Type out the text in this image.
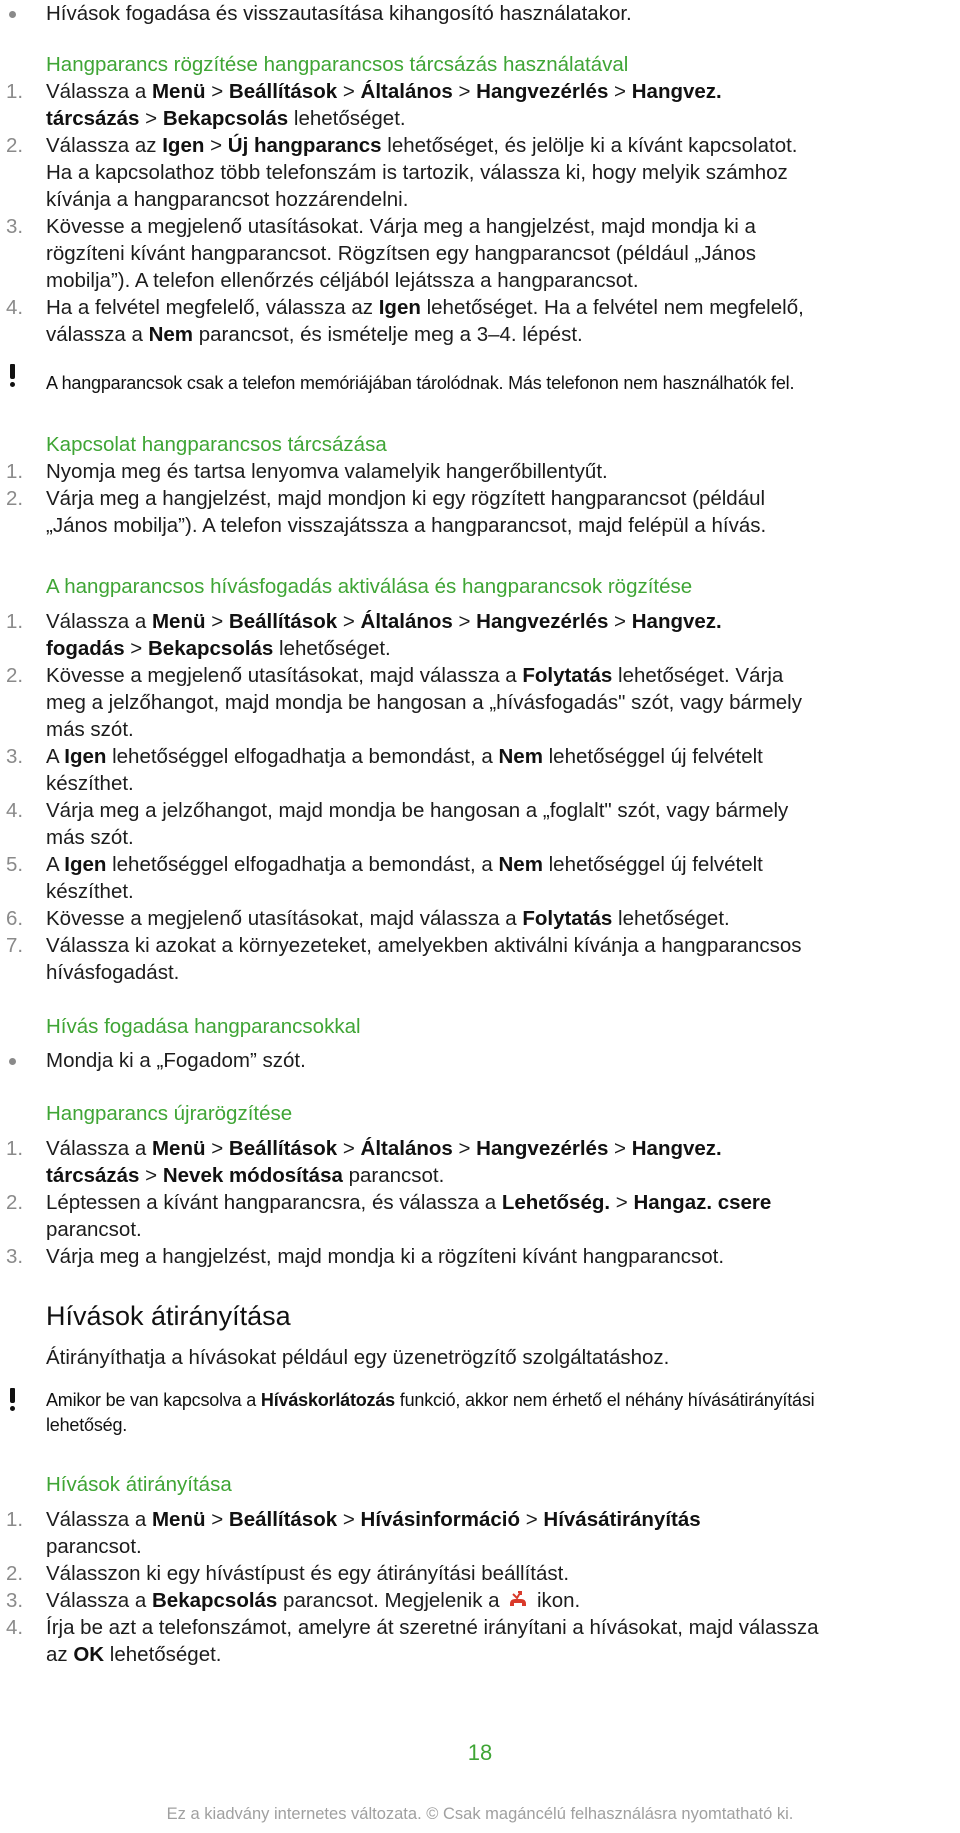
Hívások fogadása és visszautasítása kihangosító használatakor.
Hangparancs rögzítése hangparancsos tárcsázás használatával
1. Válassza a Menü > Beállítások > Általános > Hangvezérlés > Hangvez.
tárcsázás > Bekapcsolás lehetőséget.
2. Válassza az Igen > Új hangparancs lehetőséget, és jelölje ki a kívánt kapcsolatot.
Ha a kapcsolathoz több telefonszám is tartozik, válassza ki, hogy melyik számhoz
kívánja a hangparancsot hozzárendelni.
3. Kövesse a megjelenő utasításokat. Várja meg a hangjelzést, majd mondja ki a
rögzíteni kívánt hangparancsot. Rögzítsen egy hangparancsot (például „János
mobilja”). A telefon ellenőrzés céljából lejátssza a hangparancsot.
4. Ha a felvétel megfelelő, válassza az Igen lehetőséget. Ha a felvétel nem megfelelő,
válassza a Nem parancsot, és ismételje meg a 3–4. lépést.
A hangparancsok csak a telefon memóriájában tárolódnak. Más telefonon nem használhatók fel.
Kapcsolat hangparancsos tárcsázása
1. Nyomja meg és tartsa lenyomva valamelyik hangerőbillentyűt.
2. Várja meg a hangjelzést, majd mondjon ki egy rögzített hangparancsot (például
„János mobilja”). A telefon visszajátssza a hangparancsot, majd felépül a hívás.
A hangparancsos hívásfogadás aktiválása és hangparancsok rögzítése
1. Válassza a Menü > Beállítások > Általános > Hangvezérlés > Hangvez.
fogadás > Bekapcsolás lehetőséget.
2. Kövesse a megjelenő utasításokat, majd válassza a Folytatás lehetőséget. Várja
meg a jelzőhangot, majd mondja be hangosan a „hívásfogadás" szót, vagy bármely
más szót.
3. A Igen lehetőséggel elfogadhatja a bemondást, a Nem lehetőséggel új felvételt
készíthet.
4. Várja meg a jelzőhangot, majd mondja be hangosan a „foglalt" szót, vagy bármely
más szót.
5. A Igen lehetőséggel elfogadhatja a bemondást, a Nem lehetőséggel új felvételt
készíthet.
6. Kövesse a megjelenő utasításokat, majd válassza a Folytatás lehetőséget.
7. Válassza ki azokat a környezeteket, amelyekben aktiválni kívánja a hangparancsos
hívásfogadást.
Hívás fogadása hangparancsokkal
Mondja ki a „Fogadom” szót.
Hangparancs újrarögzítése
1. Válassza a Menü > Beállítások > Általános > Hangvezérlés > Hangvez.
tárcsázás > Nevek módosítása parancsot.
2. Léptessen a kívánt hangparancsra, és válassza a Lehetőség. > Hangaz. csere
parancsot.
3. Várja meg a hangjelzést, majd mondja ki a rögzíteni kívánt hangparancsot.
Hívások átirányítása
Átirányíthatja a hívásokat például egy üzenetrögzítő szolgáltatáshoz.
Amikor be van kapcsolva a Híváskorlátozás funkció, akkor nem érhető el néhány hívásátirányítási
lehetőség.
Hívások átirányítása
1. Válassza a Menü > Beállítások > Hívásinformáció > Hívásátirányítás
parancsot.
2. Válasszon ki egy hívástípust és egy átirányítási beállítást.
3. Válassza a Bekapcsolás parancsot. Megjelenik a  ikon.
4. Írja be azt a telefonszámot, amelyre át szeretné irányítani a hívásokat, majd válassza
az OK lehetőséget.
18
Ez a kiadvány internetes változata. © Csak magáncélú felhasználásra nyomtatható ki.
